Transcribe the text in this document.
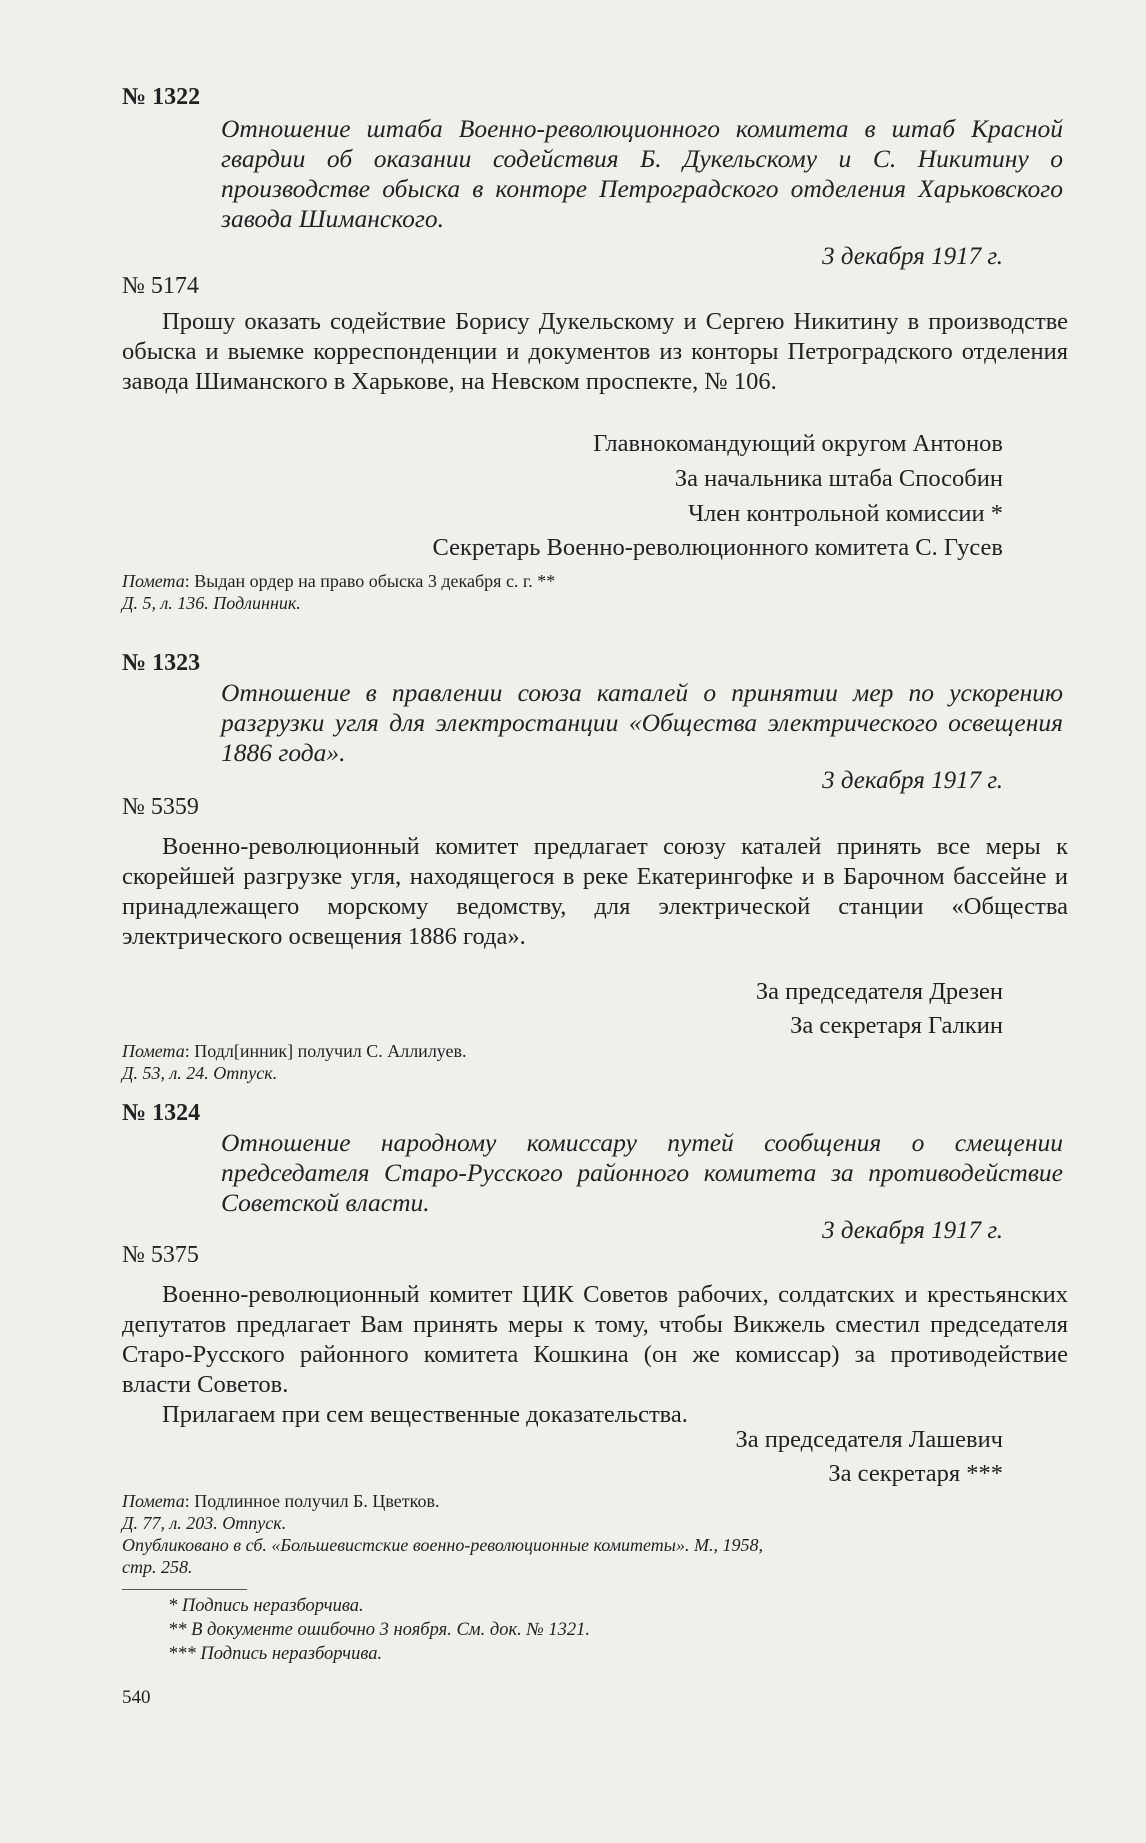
№ 1322
Отношение штаба Военно-революционного комитета в штаб Красной гвардии об оказании содействия Б. Дукельскому и С. Никитину о производстве обыска в конторе Петроградского отделения Харьковского завода Шиманского.
3 декабря 1917 г.
№ 5174

Прошу оказать содействие Борису Дукельскому и Сергею Никитину в производстве обыска и выемке корреспонденции и документов из конторы Петроградского отделения завода Шиманского в Харькове, на Невском проспекте, № 106.

Главнокомандующий округом Антонов
За начальника штаба Способин
Член контрольной комиссии *
Секретарь Военно-революционного комитета С. Гусев
Помета: Выдан ордер на право обыска 3 декабря с. г. **
Д. 5, л. 136. Подлинник.
№ 1323
Отношение в правлении союза каталей о принятии мер по ускорению разгрузки угля для электростанции «Общества электрического освещения 1886 года».
3 декабря 1917 г.
№ 5359

Военно-революционный комитет предлагает союзу каталей принять все меры к скорейшей разгрузке угля, находящегося в реке Екатерингофке и в Барочном бассейне и принадлежащего морскому ведомству, для электрической станции «Общества электрического освещения 1886 года».

За председателя Дрезен
За секретаря Галкин
Помета: Подл[инник] получил С. Аллилуев.
Д. 53, л. 24. Отпуск.
№ 1324
Отношение народному комиссару путей сообщения о смещении председателя Старо-Русского районного комитета за противодействие Советской власти.
3 декабря 1917 г.
№ 5375

Военно-революционный комитет ЦИК Советов рабочих, солдатских и крестьянских депутатов предлагает Вам принять меры к тому, чтобы Викжель сместил председателя Старо-Русского районного комитета Кошкина (он же комиссар) за противодействие власти Советов.

Прилагаем при сем вещественные доказательства.

За председателя Лашевич
За секретаря ***
Помета: Подлинное получил Б. Цветков.
Д. 77, л. 203. Отпуск.
Опубликовано в сб. «Большевистские военно-революционные комитеты». М., 1958,
стр. 258.
* Подпись неразборчива.
** В документе ошибочно 3 ноября. См. док. № 1321.
*** Подпись неразборчива.
540
